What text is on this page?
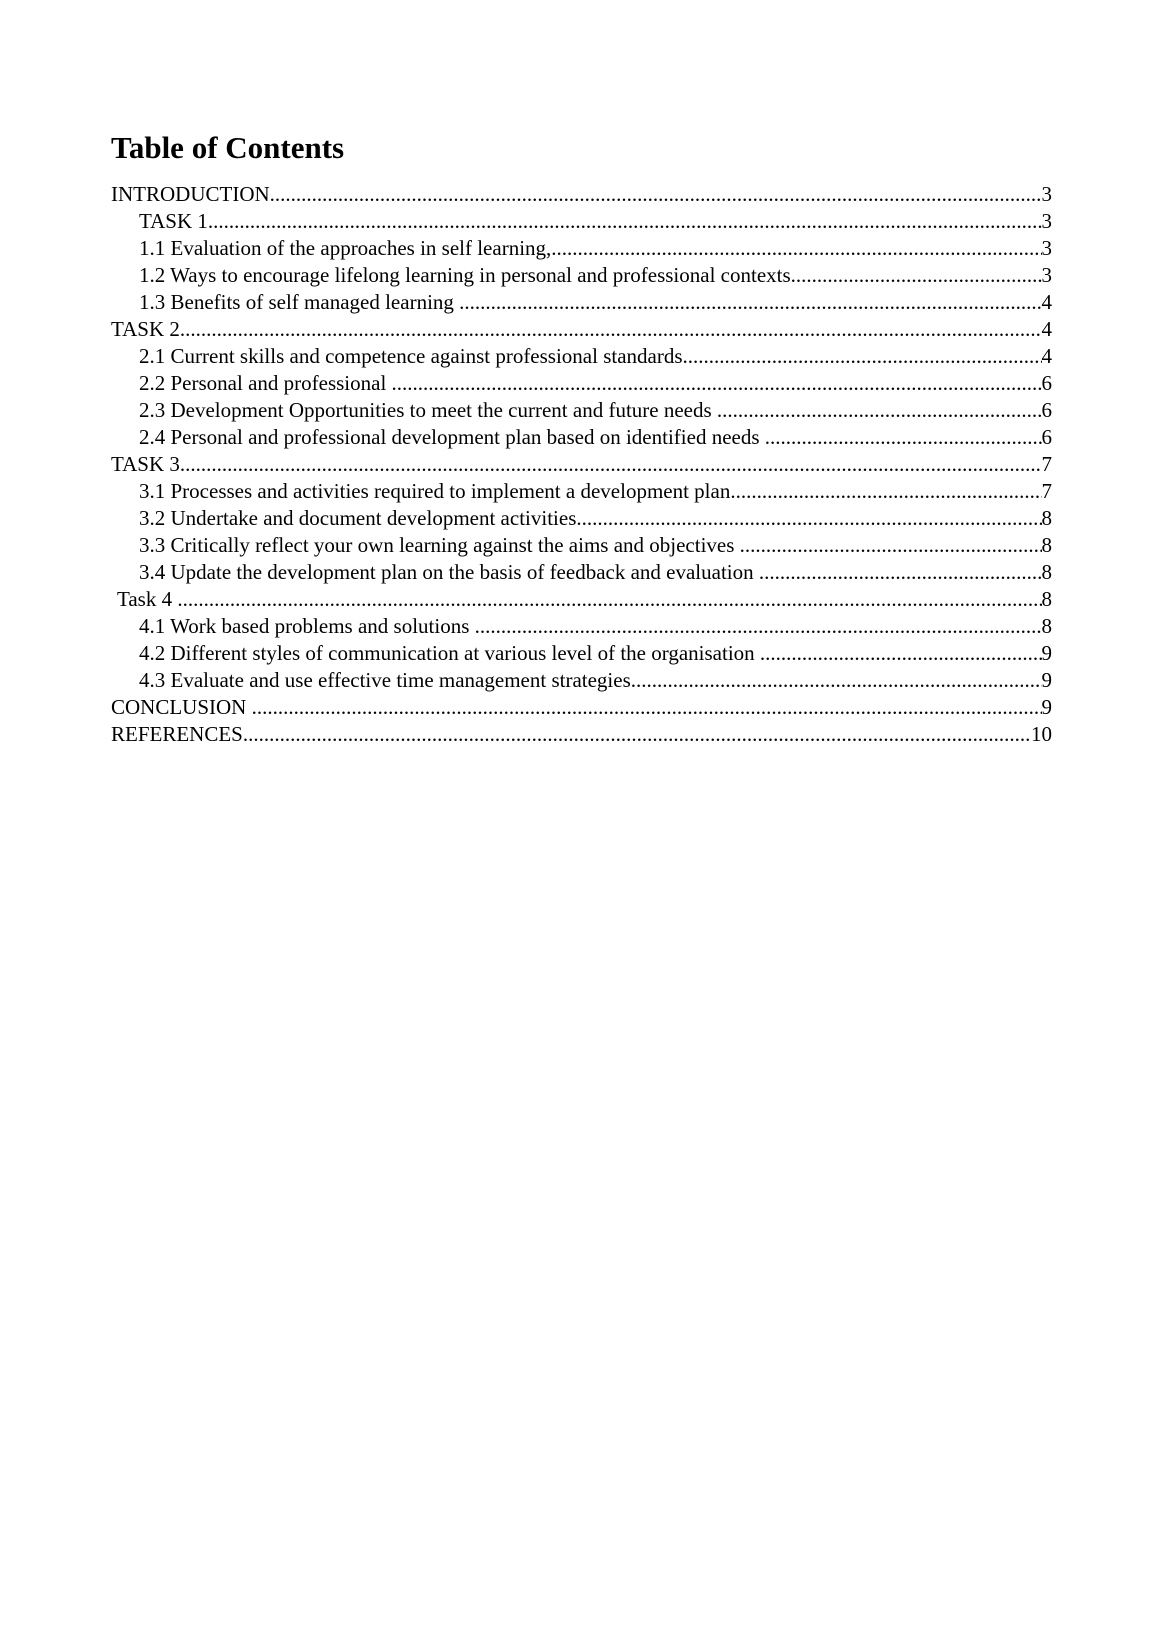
Table of Contents
INTRODUCTION .....	3
TASK 1 .....	3
1.1 Evaluation of the approaches in self learning, .....	3
1.2 Ways to encourage lifelong learning in personal and professional contexts .....	3
1.3 Benefits of self managed learning .....	4
TASK 2 .....	4
2.1 Current skills and competence against professional standards .....	4
2.2 Personal and professional .....	6
2.3 Development Opportunities to meet the current and future needs .....	6
2.4 Personal and professional development plan based on identified needs .....	6
TASK 3 .....	7
3.1 Processes and activities required to implement a development plan .....	7
3.2 Undertake and document development activities .....	8
3.3 Critically reflect your own learning against the aims and objectives .....	8
3.4 Update the development plan on the basis of feedback and evaluation .....	8
Task 4 .....	8
4.1 Work based problems and solutions .....	8
4.2 Different styles of communication at various level of the organisation .....	9
4.3 Evaluate and use effective time management strategies .....	9
CONCLUSION .....	9
REFERENCES .....	10
